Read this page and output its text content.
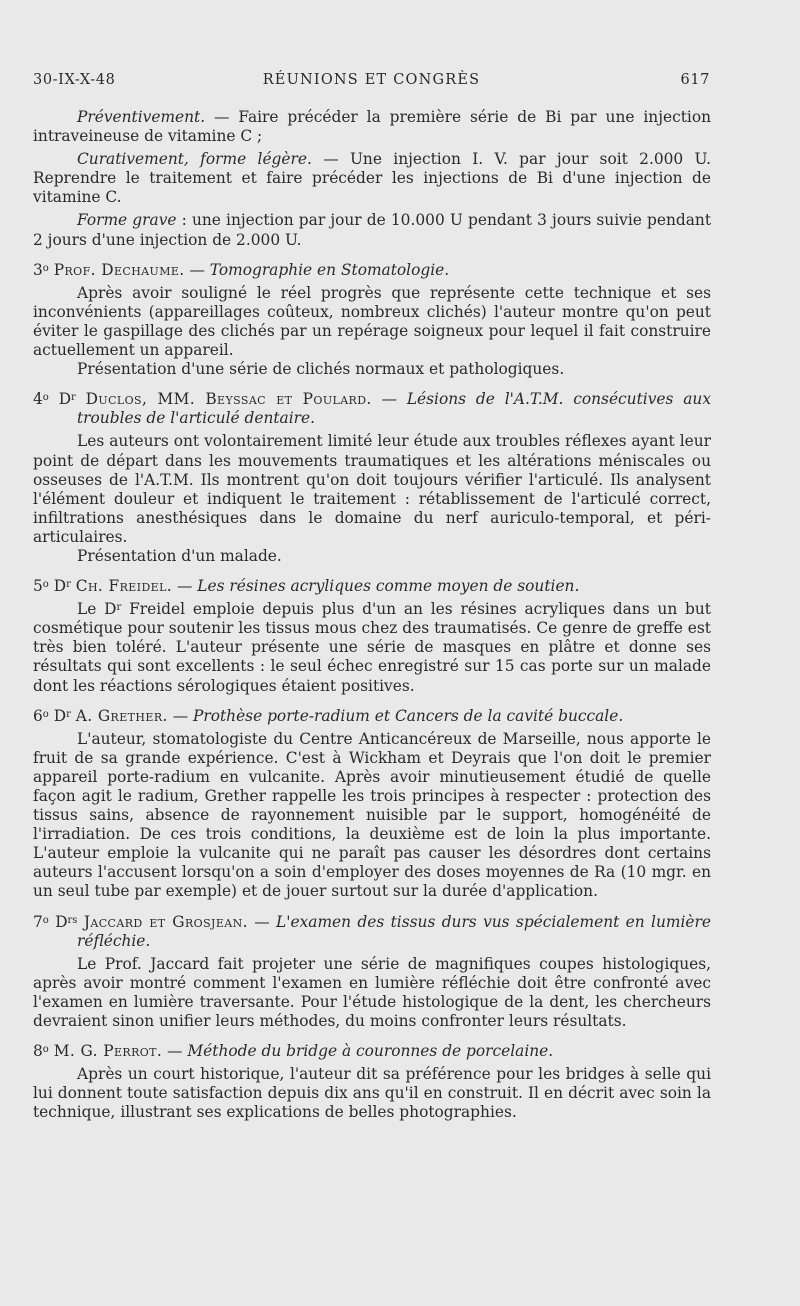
30-IX-X-48	RÉUNIONS ET CONGRÈS	617

Préventivement. — Faire précéder la première série de Bi par une injection intraveineuse de vitamine C ;

Curativement, forme légère. — Une injection I. V. par jour soit 2.000 U. Reprendre le traitement et faire précéder les injections de Bi d'une injection de vitamine C.

Forme grave : une injection par jour de 10.000 U pendant 3 jours suivie pendant 2 jours d'une injection de 2.000 U.

3$^o$ Prof. Dechaume. — Tomographie en Stomatologie.

Après avoir souligné le réel progrès que représente cette technique et ses inconvénients (appareillages coûteux, nombreux clichés) l'auteur montre qu'on peut éviter le gaspillage des clichés par un repérage soigneux pour lequel il fait construire actuellement un appareil.

Présentation d'une série de clichés normaux et pathologiques.

4$^o$ $D^r$ Duclos, MM. Beyssac et Poulard. — Lésions de l'A.T.M. consécutives aux troubles de l'articulé dentaire.

Les auteurs ont volontairement limité leur étude aux troubles réflexes ayant leur point de départ dans les mouvements traumatiques et les altérations méniscales ou osseuses de l'A.T.M. Ils montrent qu'on doit toujours vérifier l'articulé. Ils analysent l'élément douleur et indiquent le traitement : rétablissement de l'articulé correct, infiltrations anesthésiques dans le domaine du nerf auriculo-temporal, et péri-articulaires.

Présentation d'un malade.

5$^o$ $D^r$ Ch. Freidel. — Les résines acryliques comme moyen de soutien.

Le $D^r$ Freidel emploie depuis plus d'un an les résines acryliques dans un but cosmétique pour soutenir les tissus mous chez des traumatisés. Ce genre de greffe est très bien toléré. L'auteur présente une série de masques en plâtre et donne ses résultats qui sont excellents : le seul échec enregistré sur 15 cas porte sur un malade dont les réactions sérologiques étaient positives.

6$^o$ $D^r$ A. Grether. — Prothèse porte-radium et Cancers de la cavité buccale.

L'auteur, stomatologiste du Centre Anticancéreux de Marseille, nous apporte le fruit de sa grande expérience. C'est à Wickham et Deyrais que l'on doit le premier appareil porte-radium en vulcanite. Après avoir minutieusement étudié de quelle façon agit le radium, Grether rappelle les trois principes à respecter : protection des tissus sains, absence de rayonnement nuisible par le support, homogénéité de l'irradiation. De ces trois conditions, la deuxième est de loin la plus importante. L'auteur emploie la vulcanite qui ne paraît pas causer les désordres dont certains auteurs l'accusent lorsqu'on a soin d'employer des doses moyennes de Ra (10 mgr. en un seul tube par exemple) et de jouer surtout sur la durée d'application.

7$^o$ $D^{rs}$ Jaccard et Grosjean. — L'examen des tissus durs vus spécialement en lumière réfléchie.

Le Prof. Jaccard fait projeter une série de magnifiques coupes histologiques, après avoir montré comment l'examen en lumière réfléchie doit être confronté avec l'examen en lumière traversante. Pour l'étude histologique de la dent, les chercheurs devraient sinon unifier leurs méthodes, du moins confronter leurs résultats.

8$^o$ M. G. Perrot. — Méthode du bridge à couronnes de porcelaine.

Après un court historique, l'auteur dit sa préférence pour les bridges à selle qui lui donnent toute satisfaction depuis dix ans qu'il en construit. Il en décrit avec soin la technique, illustrant ses explications de belles photographies.
